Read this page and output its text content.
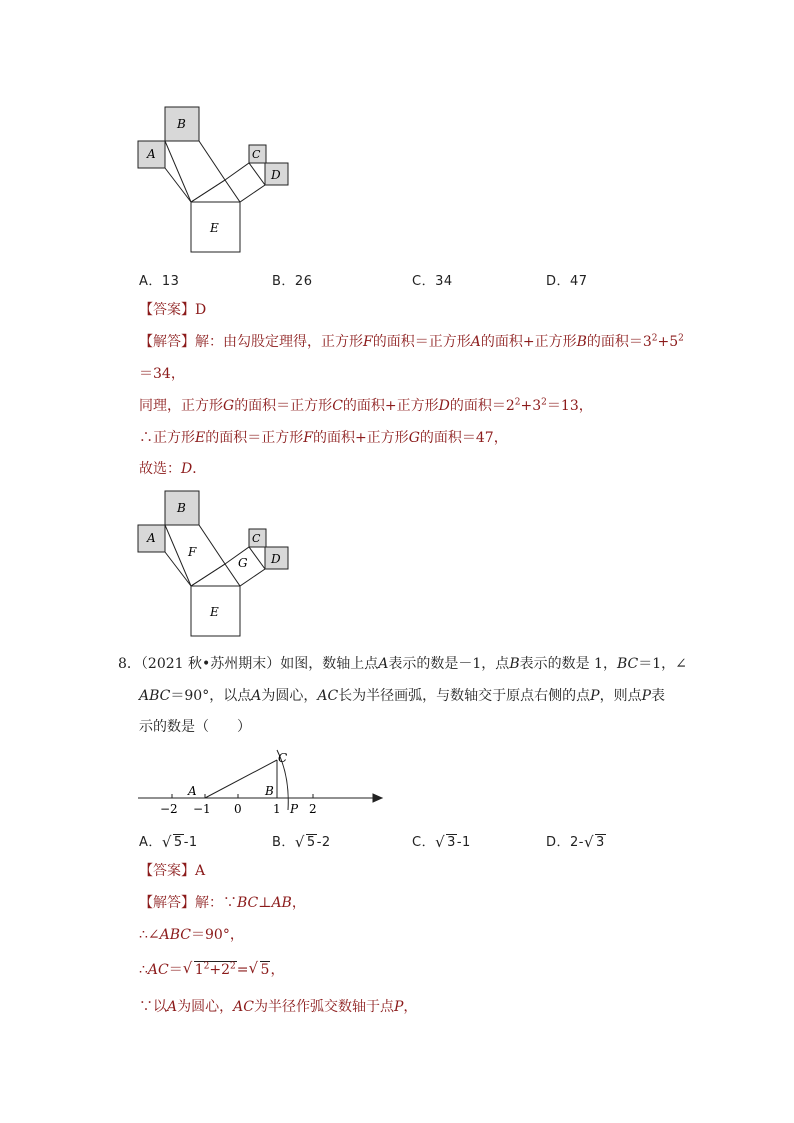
B
A	C
D
E
A．13	B．26	C．34	D．47
【答案】D
【解答】解：由勾股定理得，正方形F的面积＝正方形A的面积+正方形B的面积$=3^2+5^2$
＝34，
同理，正方形G的面积＝正方形C的面积+正方形D的面积$=2^2+3^2=13$，
∴正方形E的面积＝正方形F的面积+正方形G的面积＝47，
故选：D．
B
A
F
G
C
D
E
8．（2021 秋•苏州期末）如图，数轴上点A表示的数是－1，点B表示的数是 1，BC＝1，∠
ABC＝90°，以点A为圆心，AC长为半径画弧，与数轴交于原点右侧的点P，则点P表
示的数是（　　）
C
A	B
P
−2 −1 0	1 2
A． √ 5-1	B． √ 5-2	C． √ 3-1	D．2- √ 3
【答案】A
【解答】解：∵BC⊥AB，
∴∠ABC＝90°，
∴AC＝ √ $1^2+2^2=$ √ 5，
∵以A为圆心，AC为半径作弧交数轴于点P，
